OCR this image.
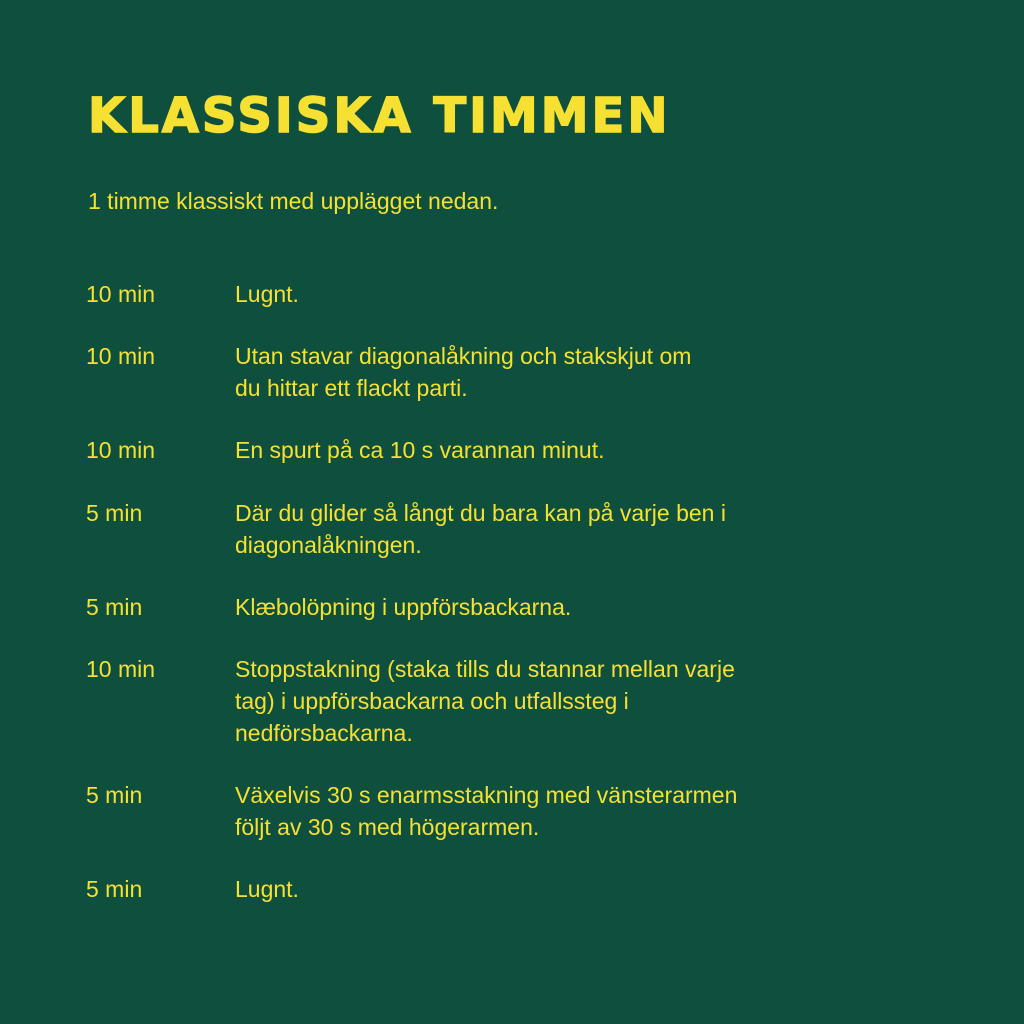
KLASSISKA TIMMEN

1 timme klassiskt med upplägget nedan.

10 min	Lugnt.
10 min	Utan stavar diagonalåkning och stakskjut om
du hittar ett flackt parti.
10 min	En spurt på ca 10 s varannan minut.
5 min	Där du glider så långt du bara kan på varje ben i
diagonalåkningen.
5 min	Klæbolöpning i uppförsbackarna.
10 min	Stoppstakning (staka tills du stannar mellan varje
tag) i uppförsbackarna och utfallssteg i
nedförsbackarna.
5 min	Växelvis 30 s enarmsstakning med vänsterarmen
följt av 30 s med högerarmen.
5 min	Lugnt.
